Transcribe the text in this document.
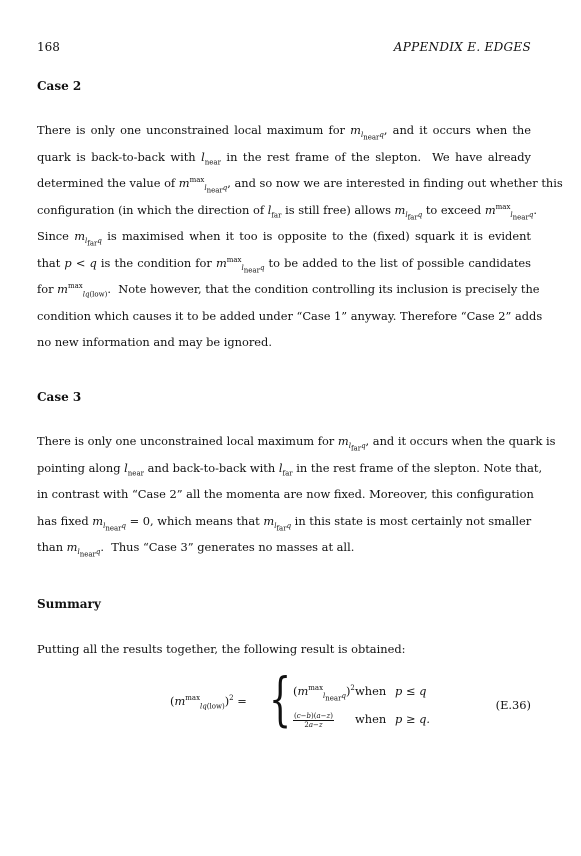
168	APPENDIX E. EDGES
Case 2
There is only one unconstrained local maximum for $m_{l_{near}q}$, and it occurs when the
quark is back-to-back with $l_{near}$ in the rest frame of the slepton.  We have already
determined the value of $m^{max}_{l_{near}q}$, and so now we are interested in finding out whether this
configuration (in which the direction of $l_{far}$ is still free) allows $m_{l_{far}q}$ to exceed $m^{max}_{l_{near}q}$.
Since $m_{l_{far}q}$ is maximised when it too is opposite to the (fixed) squark it is evident
that p < q is the condition for $m^{max}_{l_{near}q}$ to be added to the list of possible candidates
for $m^{max}_{lq(low)}$.  Note however, that the condition controlling its inclusion is precisely the
condition which causes it to be added under “Case 1” anyway. Therefore “Case 2” adds
no new information and may be ignored.
Case 3
There is only one unconstrained local maximum for $m_{l_{far}q}$, and it occurs when the quark is
pointing along $l_{near}$ and back-to-back with $l_{far}$ in the rest frame of the slepton. Note that,
in contrast with “Case 2” all the momenta are now fixed. Moreover, this configuration
has fixed $m_{l_{near}q} = 0$, which means that $m_{l_{far}q}$ in this state is most certainly not smaller
than $m_{l_{near}q}$.  Thus “Case 3” generates no masses at all.
Summary
Putting all the results together, the following result is obtained:
$(m^{max}_{lq(low)})^2$ = { $(m^{max}_{l_{near}q})^2$
$\frac{(c-b)(a-z)}{2a-z}$
when
when
p ≤ q
p ≥ q.
(E.36)
